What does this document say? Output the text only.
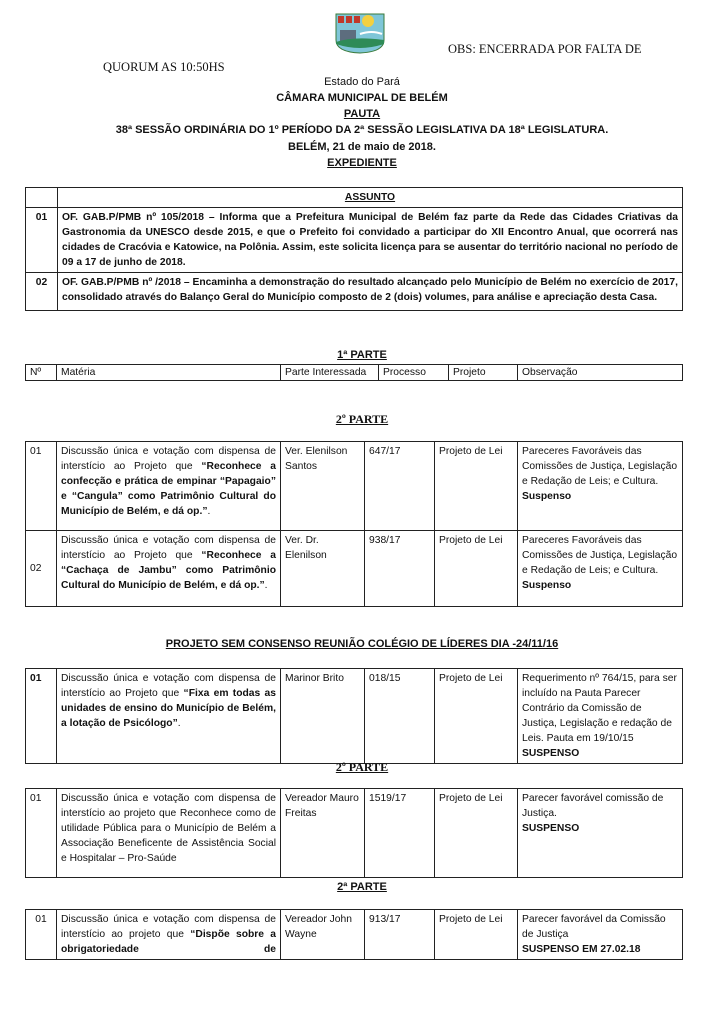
OBS: ENCERRADA POR FALTA DE
QUORUM AS 10:50HS
Estado do Pará
CÂMARA MUNICIPAL DE BELÉM
PAUTA
38ª SESSÃO ORDINÁRIA DO 1º PERÍODO DA 2ª SESSÃO LEGISLATIVA DA 18ª LEGISLATURA.
BELÉM, 21 de maio de 2018.
EXPEDIENTE
	ASSUNTO
01	OF. GAB.P/PMB nº 105/2018 – Informa que a Prefeitura Municipal de Belém faz parte da Rede das Cidades Criativas da Gastronomia da UNESCO desde 2015, e que o Prefeito foi convidado a participar do XII Encontro Anual, que ocorrerá nas cidades de Cracóvia e Katowice, na Polônia. Assim, este solicita licença para se ausentar do território nacional no período de 09 a 17 de junho de 2018.
02	OF. GAB.P/PMB nº /2018 – Encaminha a demonstração do resultado alcançado pelo Município de Belém no exercício de 2017, consolidado através do Balanço Geral do Município composto de 2 (dois) volumes, para análise e apreciação desta Casa.
1ª PARTE
Nº	Matéria	Parte Interessada	Processo	Projeto	Observação
2º PARTE
01	Discussão única e votação com dispensa de interstício ao Projeto que “Reconhece a confecção e prática de empinar “Papagaio” e “Cangula” como Patrimônio Cultural do Município de Belém, e dá op.”.	Ver. Elenilson Santos	647/17	Projeto de Lei	Pareceres Favoráveis das Comissões de Justiça, Legislação e Redação de Leis; e Cultura.
Suspenso
02	Discussão única e votação com dispensa de interstício ao Projeto que “Reconhece a “Cachaça de Jambu” como Patrimônio Cultural do Município de Belém, e dá op.”.	Ver. Dr. Elenilson	938/17	Projeto de Lei	Pareceres Favoráveis das Comissões de Justiça, Legislação e Redação de Leis; e Cultura.
Suspenso
PROJETO SEM CONSENSO REUNIÃO COLÉGIO DE LÍDERES DIA -24/11/16
01	Discussão única e votação com dispensa de interstício ao Projeto que “Fixa em todas as unidades de ensino do Município de Belém, a lotação de Psicólogo”.	Marinor Brito	018/15	Projeto de Lei	Requerimento nº 764/15, para ser incluído na Pauta Parecer Contrário da Comissão de Justiça, Legislação e redação de Leis. Pauta em 19/10/15
SUSPENSO
2º PARTE
01	Discussão única e votação com dispensa de interstício ao projeto que Reconhece como de utilidade Pública para o Município de Belém a Associação Beneficente de Assistência Social e Hospitalar – Pro-Saúde	Vereador Mauro Freitas	1519/17	Projeto de Lei	Parecer favorável comissão de Justiça.
SUSPENSO
2ª PARTE
01	Discussão única e votação com dispensa de interstício ao projeto que “Dispõe sobre a obrigatoriedade de	Vereador John Wayne	913/17	Projeto de Lei	Parecer favorável da Comissão de Justiça
SUSPENSO EM 27.02.18
